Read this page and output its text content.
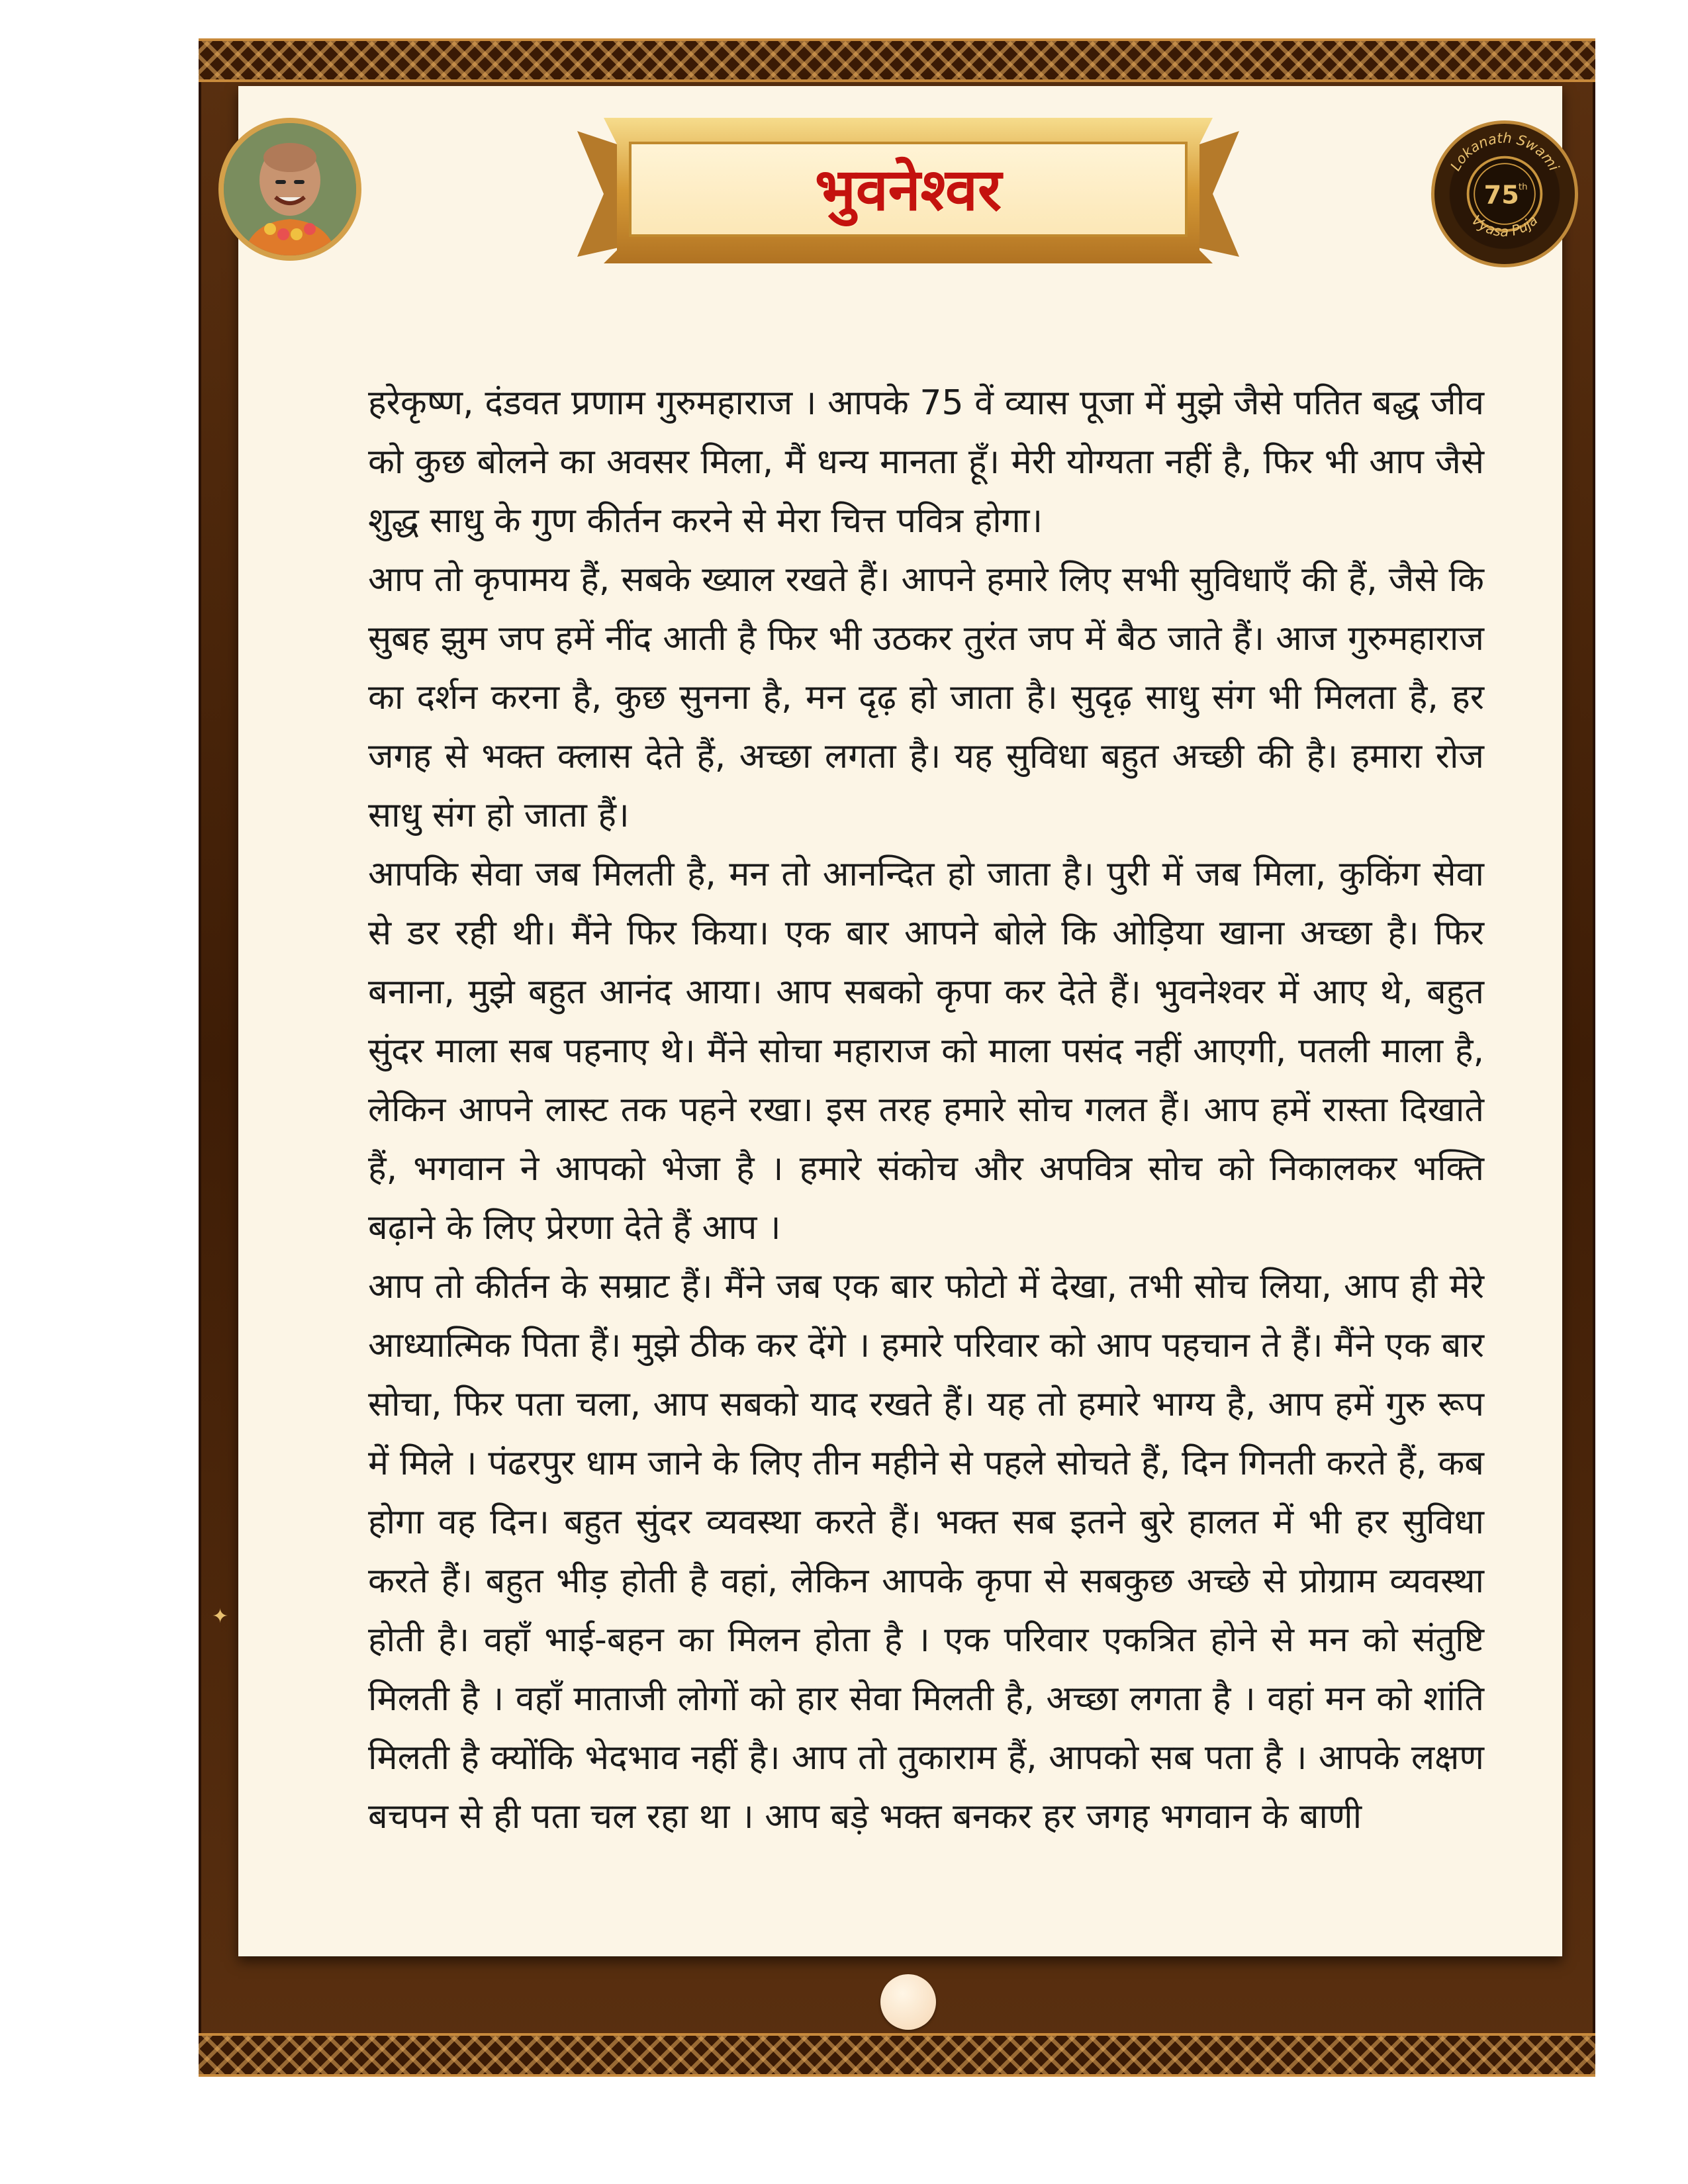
भुवनेश्वर	Lokanath Swami
75 th
Vyasa Puja

हरेकृष्ण, दंडवत प्रणाम गुरुमहाराज । आपके 75 वें व्यास पूजा में मुझे जैसे पतित बद्ध जीव को कुछ बोलने का अवसर मिला, मैं धन्य मानता हूँ। मेरी योग्यता नहीं है, फिर भी आप जैसे शुद्ध साधु के गुण कीर्तन करने से मेरा चित्त पवित्र होगा।

आप तो कृपामय हैं, सबके ख्याल रखते हैं। आपने हमारे लिए सभी सुविधाएँ की हैं, जैसे कि सुबह झुम जप हमें नींद आती है फिर भी उठकर तुरंत जप में बैठ जाते हैं। आज गुरुमहाराज का दर्शन करना है, कुछ सुनना है, मन दृढ़ हो जाता है। सुदृढ़ साधु संग भी मिलता है, हर जगह से भक्त क्लास देते हैं, अच्छा लगता है। यह सुविधा बहुत अच्छी की है। हमारा रोज साधु संग हो जाता हैं।

आपकि सेवा जब मिलती है, मन तो आनन्दित हो जाता है। पुरी में जब मिला, कुकिंग सेवा से डर रही थी। मैंने फिर किया। एक बार आपने बोले कि ओड़िया खाना अच्छा है। फिर बनाना, मुझे बहुत आनंद आया। आप सबको कृपा कर देते हैं। भुवनेश्वर में आए थे, बहुत सुंदर माला सब पहनाए थे। मैंने सोचा महाराज को माला पसंद नहीं आएगी, पतली माला है, लेकिन आपने लास्ट तक पहने रखा। इस तरह हमारे सोच गलत हैं। आप हमें रास्ता दिखाते हैं, भगवान ने आपको भेजा है । हमारे संकोच और अपवित्र सोच को निकालकर भक्ति बढ़ाने के लिए प्रेरणा देते हैं आप ।

आप तो कीर्तन के सम्राट हैं। मैंने जब एक बार फोटो में देखा, तभी सोच लिया, आप ही मेरे आध्यात्मिक पिता हैं। मुझे ठीक कर देंगे । हमारे परिवार को आप पहचान ते हैं। मैंने एक बार सोचा, फिर पता चला, आप सबको याद रखते हैं। यह तो हमारे भाग्य है, आप हमें गुरु रूप में मिले । पंढरपुर धाम जाने के लिए तीन महीने से पहले सोचते हैं, दिन गिनती करते हैं, कब होगा वह दिन। बहुत सुंदर व्यवस्था करते हैं। भक्त सब इतने बुरे हालत में भी हर सुविधा करते हैं। बहुत भीड़ होती है वहां, लेकिन आपके कृपा से सबकुछ अच्छे से प्रोग्राम व्यवस्था होती है। वहाँ भाई-बहन का मिलन होता है । एक परिवार एकत्रित होने से मन को संतुष्टि मिलती है । वहाँ माताजी लोगों को हार सेवा मिलती है, अच्छा लगता है । वहां मन को शांति मिलती है क्योंकि भेदभाव नहीं है। आप तो तुकाराम हैं, आपको सब पता है । आपके लक्षण बचपन से ही पता चल रहा था । आप बड़े भक्त बनकर हर जगह भगवान के बाणी

✦
